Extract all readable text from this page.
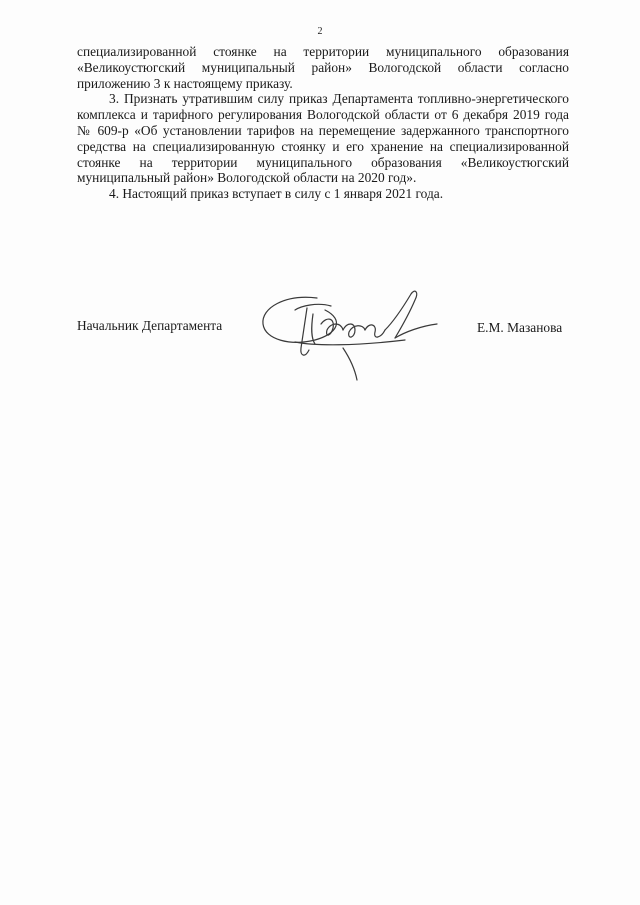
2

специализированной стоянке на территории муниципального образования «Великоустюгский муниципальный район» Вологодской области согласно приложению 3 к настоящему приказу.

3. Признать утратившим силу приказ Департамента топливно-энергетического комплекса и тарифного регулирования Вологодской области от 6 декабря 2019 года № 609-р «Об установлении тарифов на перемещение задержанного транспортного средства на специализированную стоянку и его хранение на специализированной стоянке на территории муниципального образования «Великоустюгский муниципальный район» Вологодской области на 2020 год».

4. Настоящий приказ вступает в силу с 1 января 2021 года.

Начальник Департамента	Е.М. Мазанова
